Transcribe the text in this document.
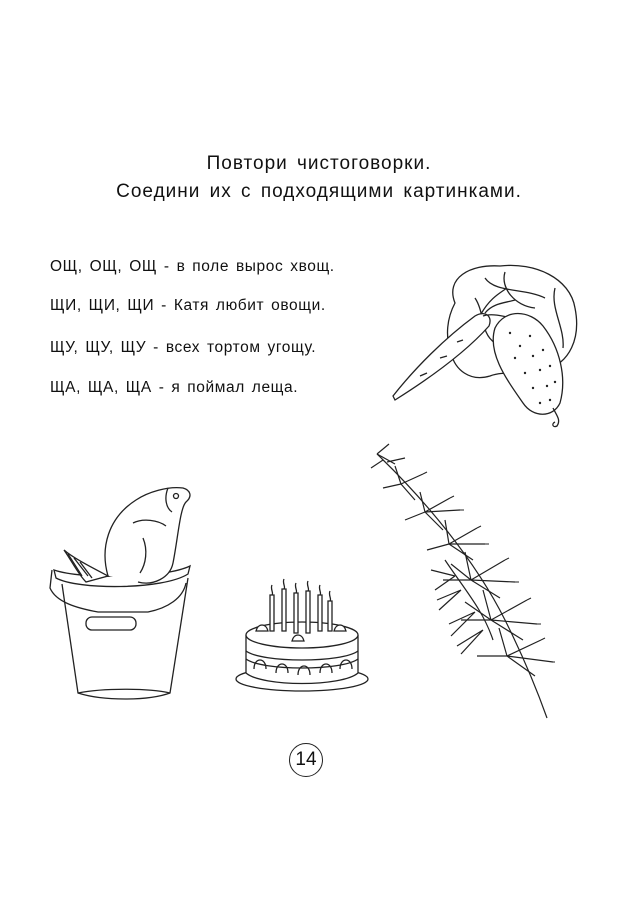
Повтори чистоговорки.
Соедини их с подходящими картинками.
ОЩ, ОЩ, ОЩ - в поле вырос хвощ.
ЩИ, ЩИ, ЩИ - Катя любит овощи.
ЩУ, ЩУ, ЩУ - всех тортом угощу.
ЩА, ЩА, ЩА - я поймал леща.
14
